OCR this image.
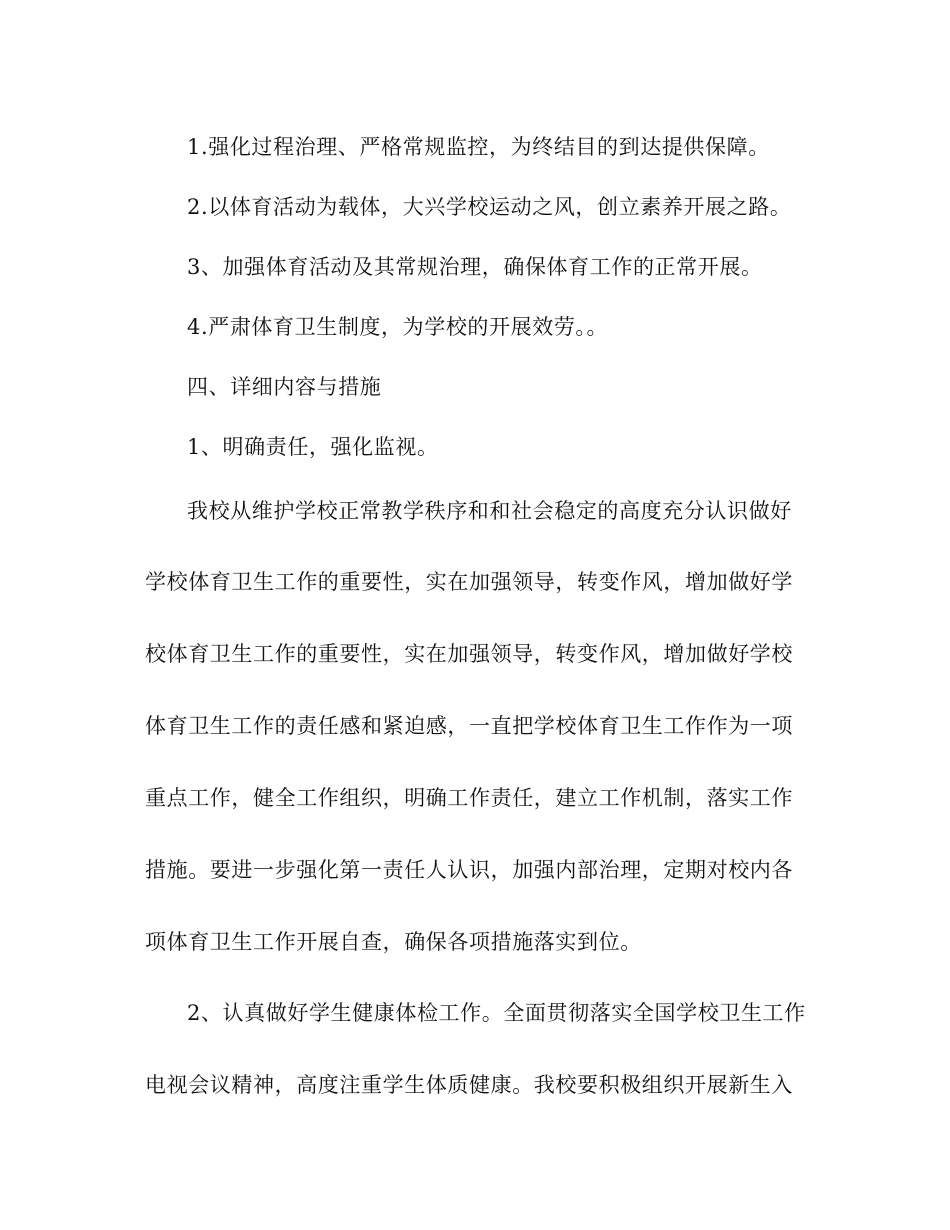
1.强化过程治理、严格常规监控，为终结目的到达提供保障。
2.以体育活动为载体，大兴学校运动之风，创立素养开展之路。
3、加强体育活动及其常规治理，确保体育工作的正常开展。
4.严肃体育卫生制度，为学校的开展效劳。。
四、详细内容与措施
1、明确责任，强化监视。
我校从维护学校正常教学秩序和和社会稳定的高度充分认识做好
学校体育卫生工作的重要性，实在加强领导，转变作风，增加做好学
校体育卫生工作的重要性，实在加强领导，转变作风，增加做好学校
体育卫生工作的责任感和紧迫感，一直把学校体育卫生工作作为一项
重点工作，健全工作组织，明确工作责任，建立工作机制，落实工作
措施。要进一步强化第一责任人认识，加强内部治理，定期对校内各
项体育卫生工作开展自查，确保各项措施落实到位。
2、认真做好学生健康体检工作。全面贯彻落实全国学校卫生工作
电视会议精神，高度注重学生体质健康。我校要积极组织开展新生入
